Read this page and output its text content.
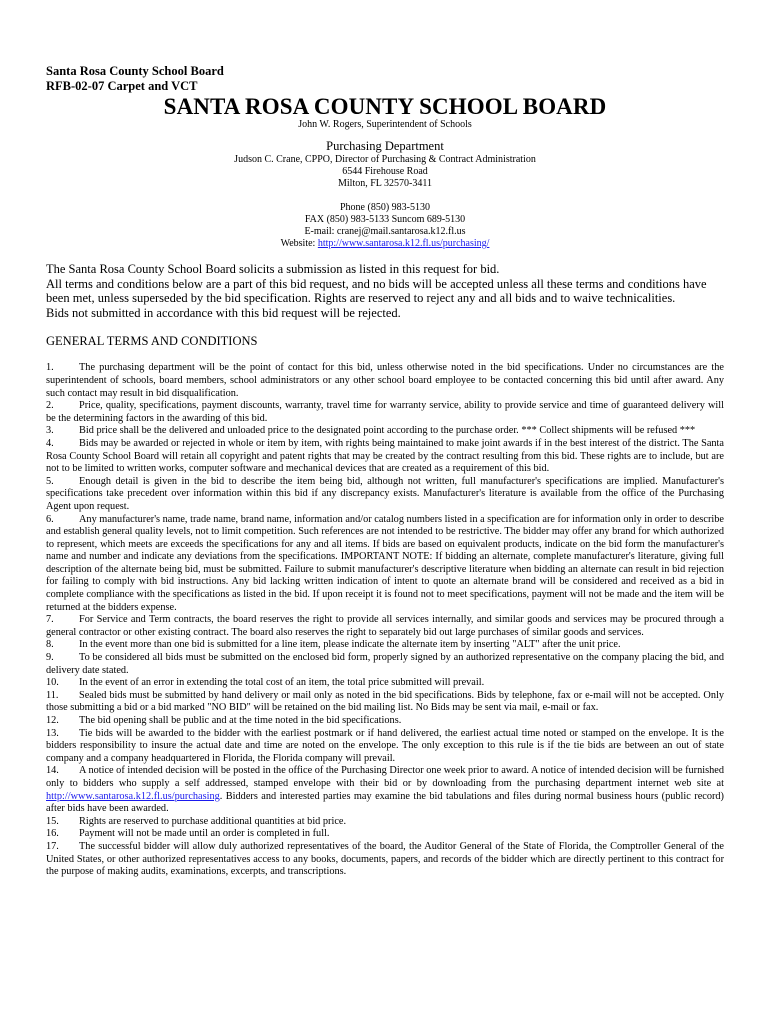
Santa Rosa County School Board
RFB-02-07 Carpet and VCT
SANTA ROSA COUNTY SCHOOL BOARD
John W. Rogers, Superintendent of Schools
Purchasing Department
Judson C. Crane, CPPO, Director of Purchasing & Contract Administration
6544 Firehouse Road
Milton, FL 32570-3411
Phone (850) 983-5130
FAX (850) 983-5133 Suncom 689-5130
E-mail: cranej@mail.santarosa.k12.fl.us
Website: http://www.santarosa.k12.fl.us/purchasing/

The Santa Rosa County School Board solicits a submission as listed in this request for bid.

All terms and conditions below are a part of this bid request, and no bids will be accepted unless all these terms and conditions have been met, unless superseded by the bid specification. Rights are reserved to reject any and all bids and to waive technicalities.

Bids not submitted in accordance with this bid request will be rejected.

GENERAL TERMS AND CONDITIONS

1. The purchasing department will be the point of contact for this bid, unless otherwise noted in the bid specifications. Under no circumstances are the superintendent of schools, board members, school administrators or any other school board employee to be contacted concerning this bid until after award. Any such contact may result in bid disqualification.

2. Price, quality, specifications, payment discounts, warranty, travel time for warranty service, ability to provide service and time of guaranteed delivery will be the determining factors in the awarding of this bid.

3. Bid price shall be the delivered and unloaded price to the designated point according to the purchase order. *** Collect shipments will be refused ***

4. Bids may be awarded or rejected in whole or item by item, with rights being maintained to make joint awards if in the best interest of the district. The Santa Rosa County School Board will retain all copyright and patent rights that may be created by the contract resulting from this bid. These rights are to include, but are not to be limited to written works, computer software and mechanical devices that are created as a requirement of this bid.

5. Enough detail is given in the bid to describe the item being bid, although not written, full manufacturer's specifications are implied. Manufacturer's specifications take precedent over information within this bid if any discrepancy exists. Manufacturer's literature is available from the office of the Purchasing Agent upon request.

6. Any manufacturer's name, trade name, brand name, information and/or catalog numbers listed in a specification are for information only in order to describe and establish general quality levels, not to limit competition. Such references are not intended to be restrictive. The bidder may offer any brand for which authorized to represent, which meets are exceeds the specifications for any and all items. If bids are based on equivalent products, indicate on the bid form the manufacturer's name and number and indicate any deviations from the specifications. IMPORTANT NOTE: If bidding an alternate, complete manufacturer's literature, giving full description of the alternate being bid, must be submitted. Failure to submit manufacturer's descriptive literature when bidding an alternate can result in bid rejection for failing to comply with bid instructions. Any bid lacking written indication of intent to quote an alternate brand will be considered and received as a bid in complete compliance with the specifications as listed in the bid. If upon receipt it is found not to meet specifications, payment will not be made and the item will be returned at the bidders expense.

7. For Service and Term contracts, the board reserves the right to provide all services internally, and similar goods and services may be procured through a general contractor or other existing contract. The board also reserves the right to separately bid out large purchases of similar goods and services.

8. In the event more than one bid is submitted for a line item, please indicate the alternate item by inserting "ALT" after the unit price.

9. To be considered all bids must be submitted on the enclosed bid form, properly signed by an authorized representative on the company placing the bid, and delivery date stated.

10. In the event of an error in extending the total cost of an item, the total price submitted will prevail.

11. Sealed bids must be submitted by hand delivery or mail only as noted in the bid specifications. Bids by telephone, fax or e-mail will not be accepted. Only those submitting a bid or a bid marked "NO BID" will be retained on the bid mailing list. No Bids may be sent via mail, e-mail or fax.

12. The bid opening shall be public and at the time noted in the bid specifications.

13. Tie bids will be awarded to the bidder with the earliest postmark or if hand delivered, the earliest actual time noted or stamped on the envelope. It is the bidders responsibility to insure the actual date and time are noted on the envelope. The only exception to this rule is if the tie bids are between an out of state company and a company headquartered in Florida, the Florida company will prevail.

14. A notice of intended decision will be posted in the office of the Purchasing Director one week prior to award. A notice of intended decision will be furnished only to bidders who supply a self addressed, stamped envelope with their bid or by downloading from the purchasing department internet web site at http://www.santarosa.k12.fl.us/purchasing. Bidders and interested parties may examine the bid tabulations and files during normal business hours (public record) after bids have been awarded.

15. Rights are reserved to purchase additional quantities at bid price.

16. Payment will not be made until an order is completed in full.

17. The successful bidder will allow duly authorized representatives of the board, the Auditor General of the State of Florida, the Comptroller General of the United States, or other authorized representatives access to any books, documents, papers, and records of the bidder which are directly pertinent to this contract for the purpose of making audits, examinations, excerpts, and transcriptions.
